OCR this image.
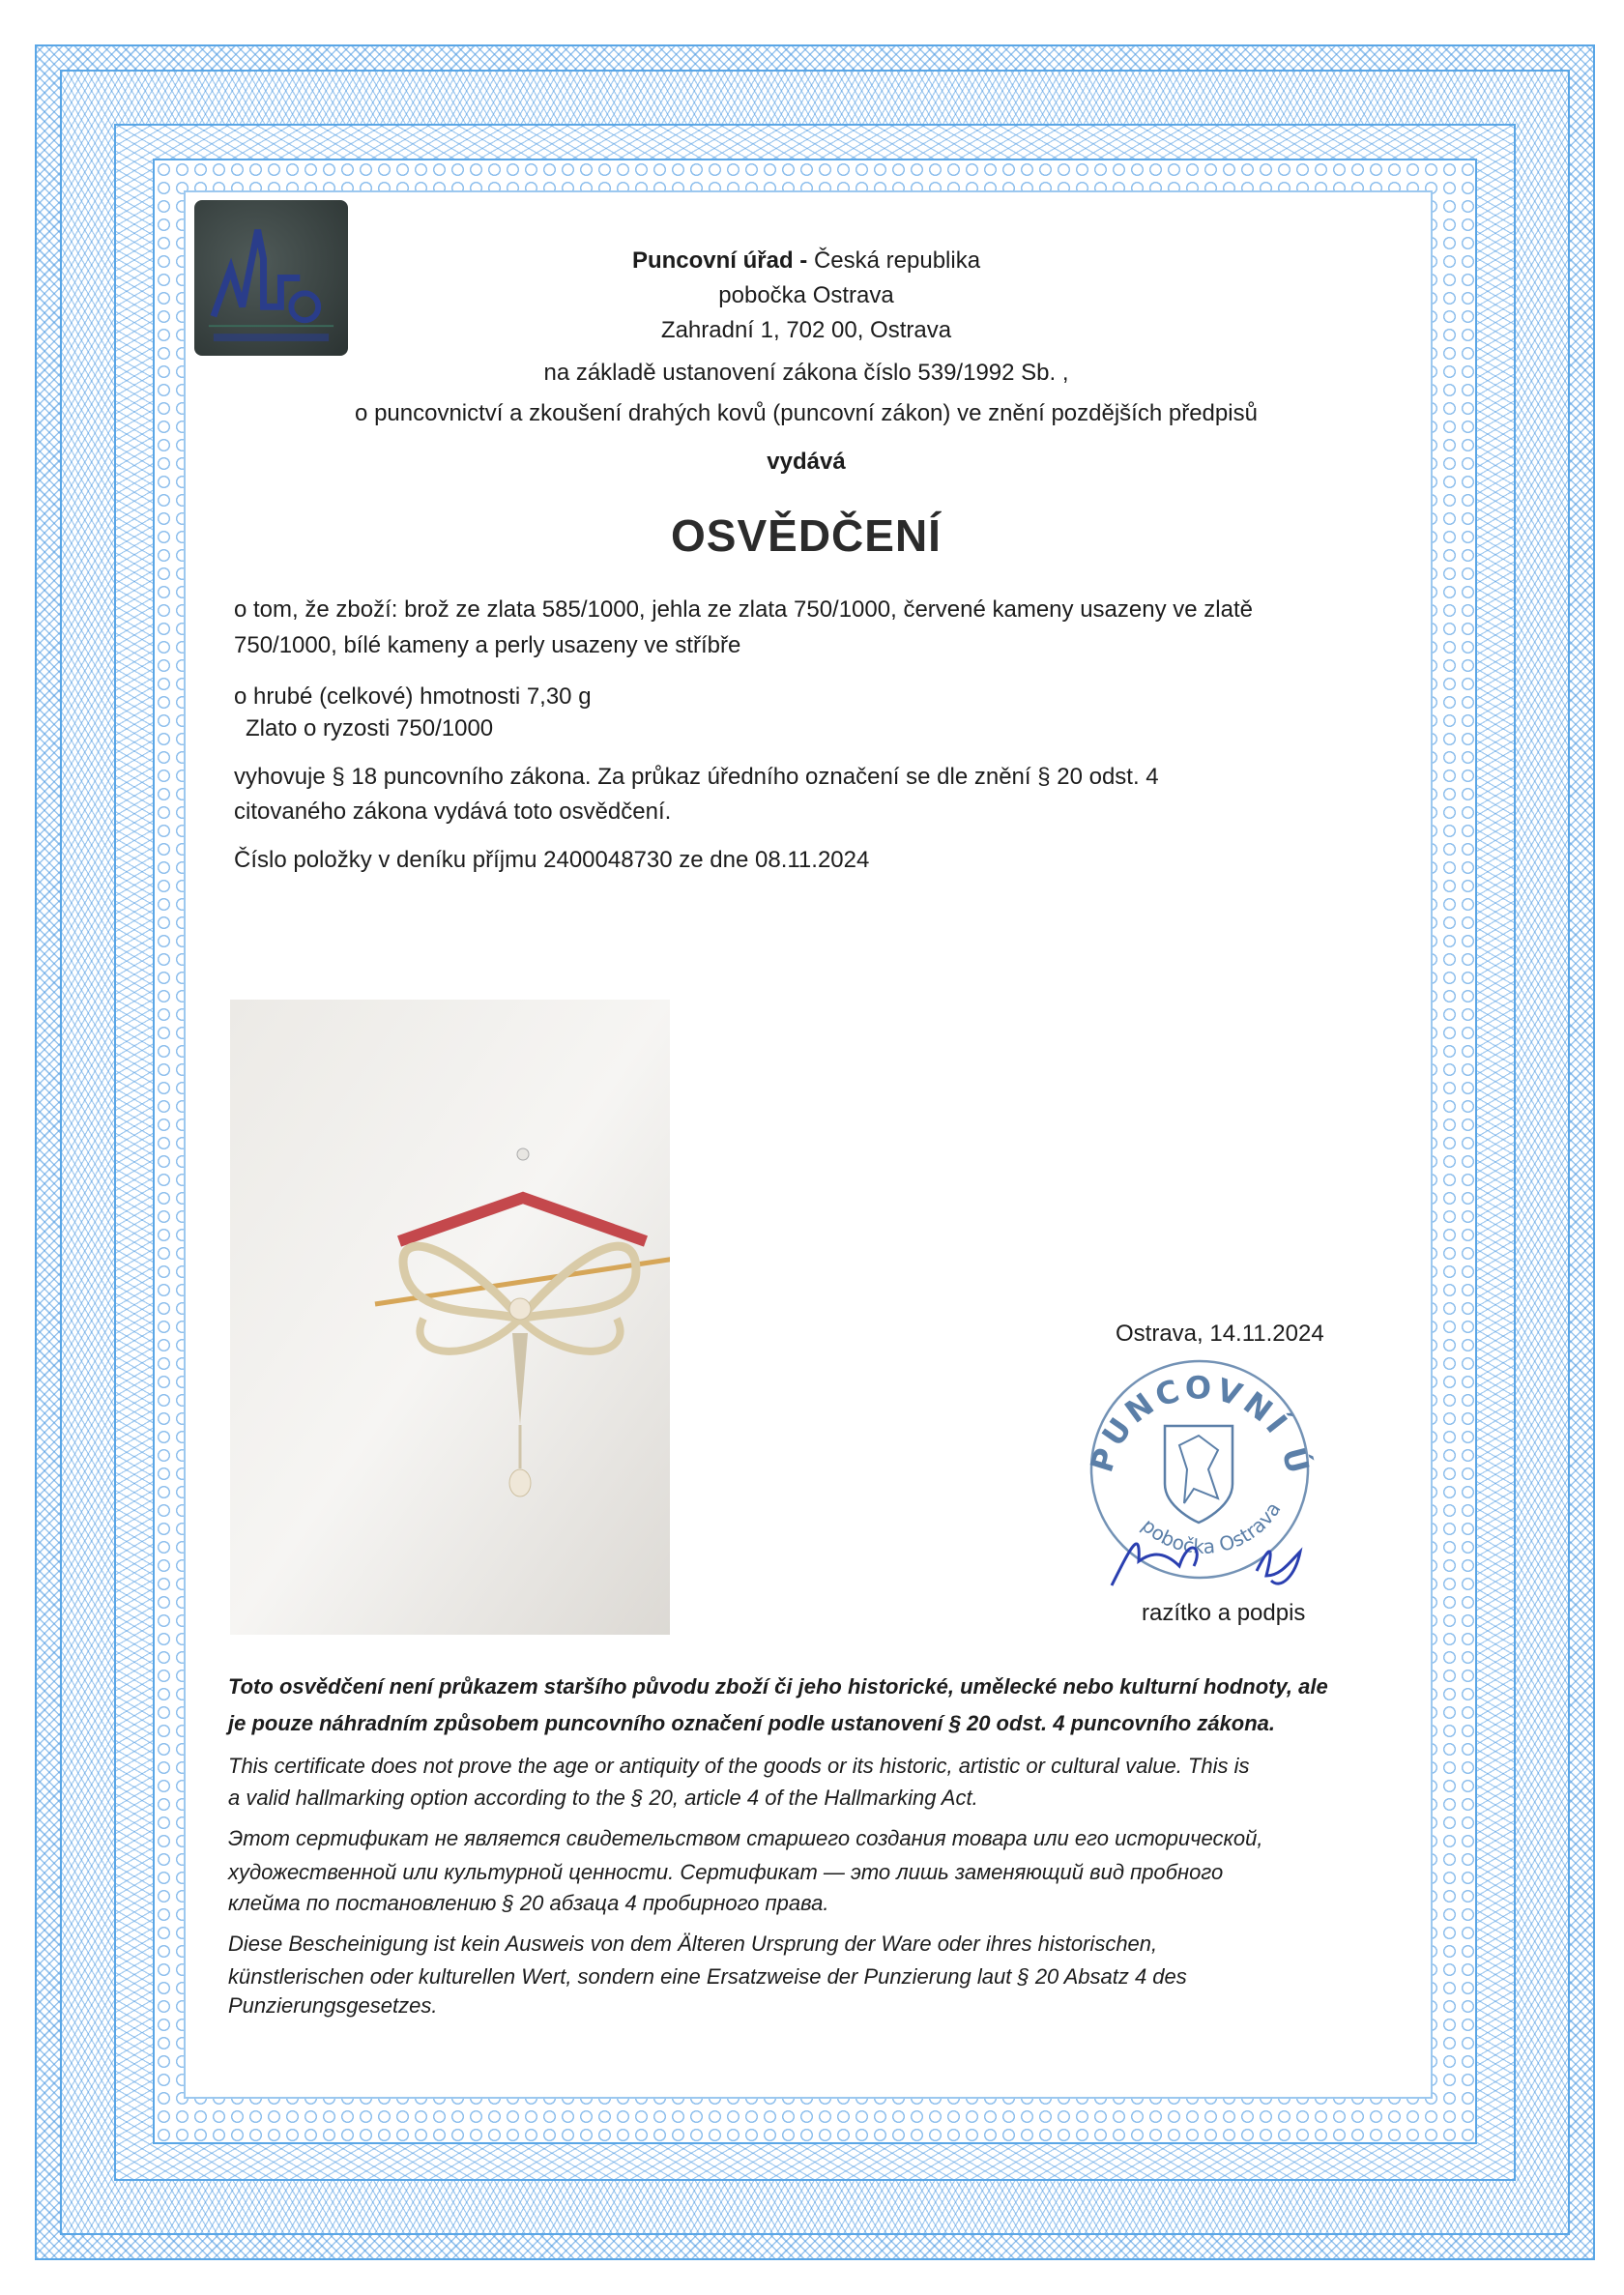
Puncovní úřad - Česká republika
pobočka Ostrava
Zahradní 1, 702 00, Ostrava
na základě ustanovení zákona číslo 539/1992 Sb. ,
o puncovnictví a zkoušení drahých kovů (puncovní zákon) ve znění pozdějších předpisů
vydává
OSVĚDČENÍ
o tom, že zboží: brož ze zlata 585/1000, jehla ze zlata 750/1000, červené kameny usazeny ve zlatě
750/1000, bílé kameny a perly usazeny ve stříbře
o hrubé (celkové) hmotnosti 7,30 g
Zlato o ryzosti 750/1000
vyhovuje § 18 puncovního zákona. Za průkaz úředního označení se dle znění § 20 odst. 4
citovaného zákona vydává toto osvědčení.
Číslo položky v deníku příjmu 2400048730 ze dne 08.11.2024
Ostrava, 14.11.2024
PUNCOVNÍ Ú
pobočka Ostrava
razítko a podpis
Toto osvědčení není průkazem staršího původu zboží či jeho historické, umělecké nebo kulturní hodnoty, ale
je pouze náhradním způsobem puncovního označení podle ustanovení § 20 odst. 4 puncovního zákona.
This certificate does not prove the age or antiquity of the goods or its historic, artistic or cultural value. This is
a valid hallmarking option according to the § 20, article 4 of the Hallmarking Act.
Этот сертификат не является свидетельством старшего создания товара или его исторической,
художественной или культурной ценности. Сертификат — это лишь заменяющий вид пробного
клейма по постановлению § 20 абзаца 4 пробирного права.
Diese Bescheinigung ist kein Ausweis von dem Älteren Ursprung der Ware oder ihres historischen,
künstlerischen oder kulturellen Wert, sondern eine Ersatzweise der Punzierung laut § 20 Absatz 4 des
Punzierungsgesetzes.
